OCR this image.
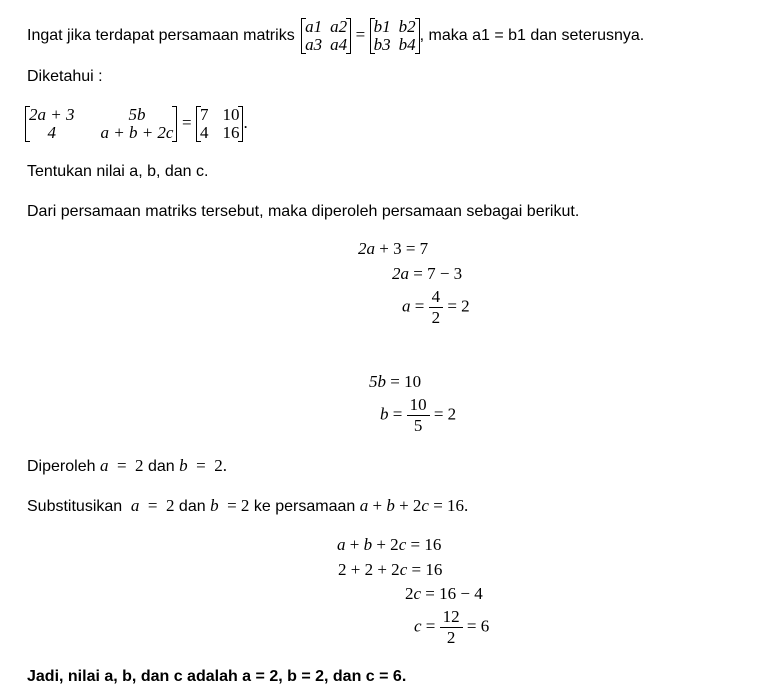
Ingat jika terdapat persamaan matriks a1	a2
a3	a4
= b1	b2
b3	b4 , maka a1 = b1 dan seterusnya.
Diketahui :
2a + 3	5b
4	a + b + 2c
= 7	10
4	16
.
Tentukan nilai a, b, dan c.
Dari persamaan matriks tersebut, maka diperoleh persamaan sebagai berikut.
2a + 3 = 7
2a = 7 − 3
$a = \frac{4}{2} = 2$
5b = 10
$b = \frac{10}{5} = 2$
Diperoleh a  =  2 dan b  =  2.
Substitusikan a  =  2 dan b  = 2 ke persamaan a + b + 2c = 16.
a + b + 2c = 16
2 + 2 + 2c = 16
2c = 16 − 4
$c = \frac{12}{2} = 6$
Jadi, nilai a, b, dan c adalah a = 2, b = 2, dan c = 6.
